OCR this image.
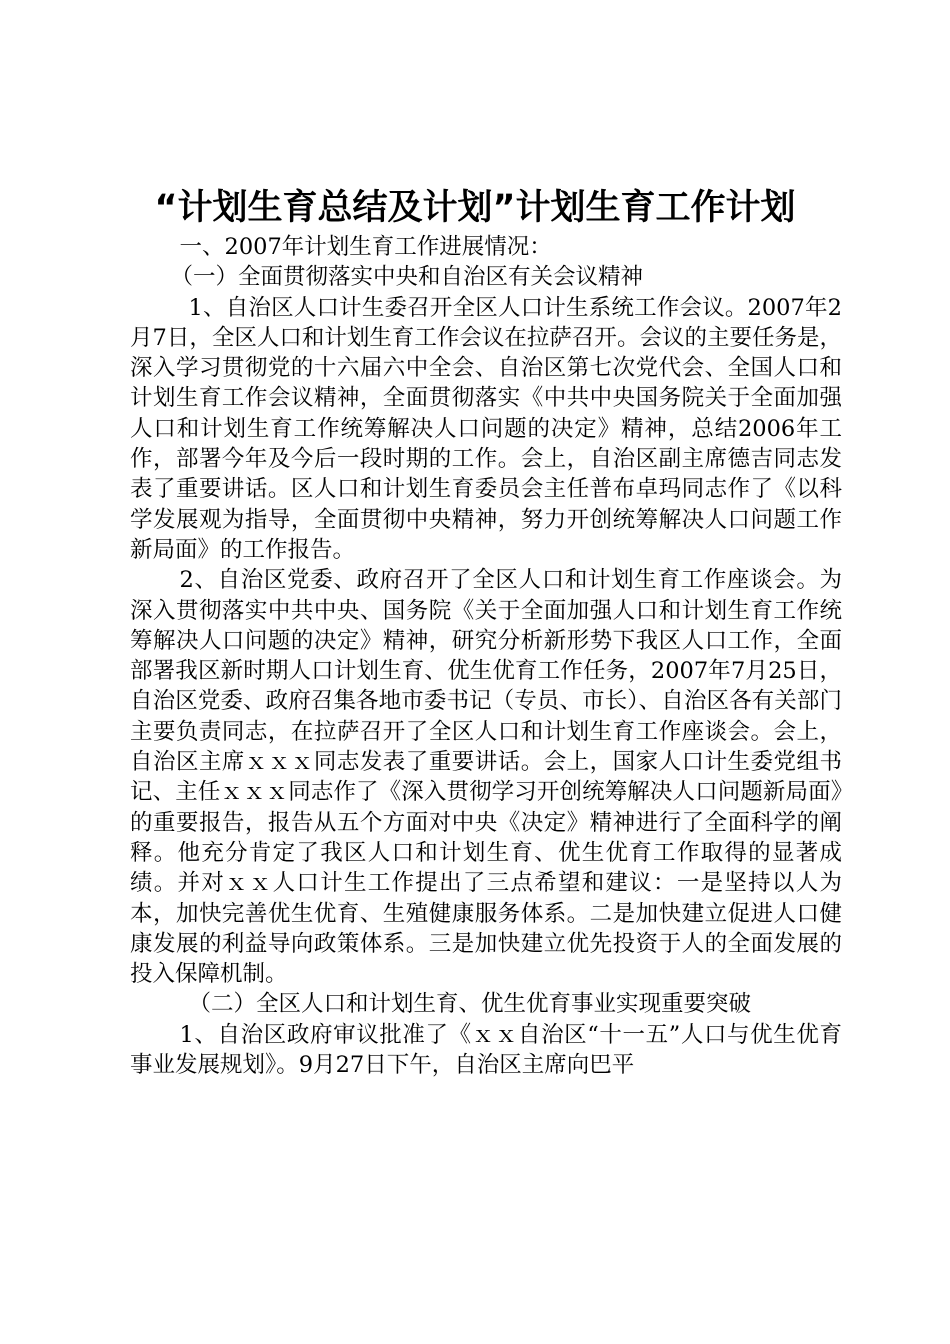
“计划生育总结及计划”计划生育工作计划

一、2007年计划生育工作进展情况：

（一）全面贯彻落实中央和自治区有关会议精神

1、自治区人口计生委召开全区人口计生系统工作会议。2007年2月7日，全区人口和计划生育工作会议在拉萨召开。会议的主要任务是，深入学习贯彻党的十六届六中全会、自治区第七次党代会、全国人口和计划生育工作会议精神，全面贯彻落实《中共中央国务院关于全面加强人口和计划生育工作统筹解决人口问题的决定》精神，总结2006年工作，部署今年及今后一段时期的工作。会上，自治区副主席德吉同志发表了重要讲话。区人口和计划生育委员会主任普布卓玛同志作了《以科学发展观为指导，全面贯彻中央精神，努力开创统筹解决人口问题工作新局面》的工作报告。

2、自治区党委、政府召开了全区人口和计划生育工作座谈会。为深入贯彻落实中共中央、国务院《关于全面加强人口和计划生育工作统筹解决人口问题的决定》精神，研究分析新形势下我区人口工作，全面部署我区新时期人口计划生育、优生优育工作任务，2007年7月25日，自治区党委、政府召集各地市委书记（专员、市长）、自治区各有关部门主要负责同志，在拉萨召开了全区人口和计划生育工作座谈会。会上，自治区主席ｘｘｘ同志发表了重要讲话。会上，国家人口计生委党组书记、主任ｘｘｘ同志作了《深入贯彻学习开创统筹解决人口问题新局面》的重要报告，报告从五个方面对中央《决定》精神进行了全面科学的阐释。他充分肯定了我区人口和计划生育、优生优育工作取得的显著成绩。并对ｘｘ人口计生工作提出了三点希望和建议：一是坚持以人为本，加快完善优生优育、生殖健康服务体系。二是加快建立促进人口健康发展的利益导向政策体系。三是加快建立优先投资于人的全面发展的投入保障机制。

（二）全区人口和计划生育、优生优育事业实现重要突破

1、自治区政府审议批准了《ｘｘ自治区“十一五”人口与优生优育事业发展规划》。9月27日下午，自治区主席向巴平
